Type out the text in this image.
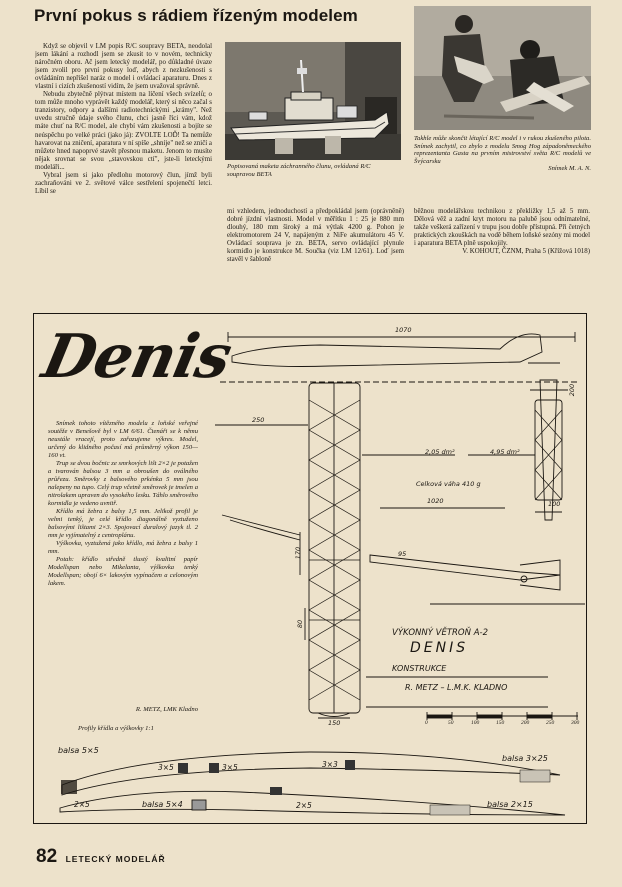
První pokus s rádiem řízeným modelem

Když se objevil v LM popis R/C soupravy BETA, neodolal jsem lákání a rozhodl jsem se zkusit to v novém, technicky náročném oboru. Ač jsem letecký modelář, po důkladné úvaze jsem zvolil pro první pokusy loď, abych z nezkušenosti s ovládáním nepřišel naráz o model i ovládací aparaturu. Dnes z vlastní i cizích zkušeností vidím, že jsem uvažoval správně.

Nebudu zbytečně plýtvat místem na líčení všech svízelů; o tom může mnoho vyprávět každý modelář, který si něco začal s tranzistory, odpory a dalšími radiotechnickými „krámy". Než uvedu stručně údaje svého člunu, chci jasně říci vám, kdož máte chuť na R/C model, ale chybí vám zkušenosti a bojíte se neúspěchu po velké práci (jako já): ZVOLTE LOĎ! Ta nemůže havarovat na zničení, aparatura v ní spíše „shníje" než se zničí a můžete hned napoprvé stavět přesnou maketu. Jenom to musíte nějak srovnat se svou „stavovskou ctí", jste-li leteckými modeláři...

Vybral jsem si jako předlohu motorový člun, jímž byli zachraňováni ve 2. světové válce sestřelení spojenečtí letci. Líbil se

Popisovaná maketa záchranného člunu, ovládaná R/C soupravou BETA
Takhle může skončit létající R/C model i v rukou zkušeného pilota. Snímek zachytil, co zbylo z modelu Smog Hog západoněmeckého reprezentanta Gasta na prvním mistrovství světa R/C modelů ve Švýcarsku
Snímek M. A. N.

mi vzhledem, jednoduchostí a předpokládal jsem (oprávněně) dobré jízdní vlastnosti. Model v měřítku 1 : 25 je 880 mm dlouhý, 180 mm široký a má výtlak 4200 g. Pohon je elektromotorem 24 V, napájeným z NiFe akumulátoru 45 V. Ovládací souprava je zn. BETA, servo ovládající plynule kormidlo je konstrukce M. Součka (viz LM 12/61). Loď jsem stavěl v šabloně

běžnou modelářskou technikou z překližky 1,5 až 5 mm. Dělová věž a zadní kryt motoru na palubě jsou odnímatelné, takže veškerá zařízení v trupu jsou dobře přístupná. Při četných praktických zkouškách na vodě během loňské sezóny mi model i aparatura BETA plně uspokojily.

V. KOHOUT, ČZNM, Praha 5 (Křížová 1018)
Denis

Snímek tohoto vítězného modelu z loňské veřejné soutěže v Benešově byl v LM 6/61. Čtenáři se k němu neustále vracejí, proto zařazujeme výkres. Model, určený do klidného počasí má průměrný výkon 150—160 vt.

Trup se dvou bočnic ze smrkových lišt 2×2 je potažen a tvarován balsou 3 mm a obroušen do oválného průřezu. Směrovky z balsového prkénka 5 mm jsou nalepeny na tupo. Celý trup včetně směrovek je tmelen a nitrolakem upraven do vysokého lesku. Táhlo směrového kormidla je vedeno uvnitř.

Křídlo má žebra z balsy 1,5 mm. Jelikož profil je velmi tenký, je celé křídlo diagonálně vyztuženo balsovými lištami 2×3. Spojovací duralový jazyk tl. 2 mm je vyjímatelný z centroplánu.

Výškovka, vyztužená jako křídlo, má žebra z balsy 1 mm.

Potah: křídlo středně tlustý kvalitní papír Modellspan nebo Mikelanta, výškovka tenký Modellspan; obojí 6× lakovým vypínačem a celonovým lakem.

R. METZ, LMK Kladno
Profily křídla a výškovky 1:1
1070
250
170
80
150
200
1020	100
95
2,05 dm²	4,95 dm²
Celková váha 410 g
VÝKONNÝ VĚTROŇ A-2
DENIS
KONSTRUKCE
R. METZ – L.M.K. KLADNO
0	50	100	150	200	250	300
balsa 5×5
3×5	3×5	3×3
balsa 3×25
2×5	balsa 5×4	2×5	balsa 2×15
82 LETECKÝ MODELÁŘ
